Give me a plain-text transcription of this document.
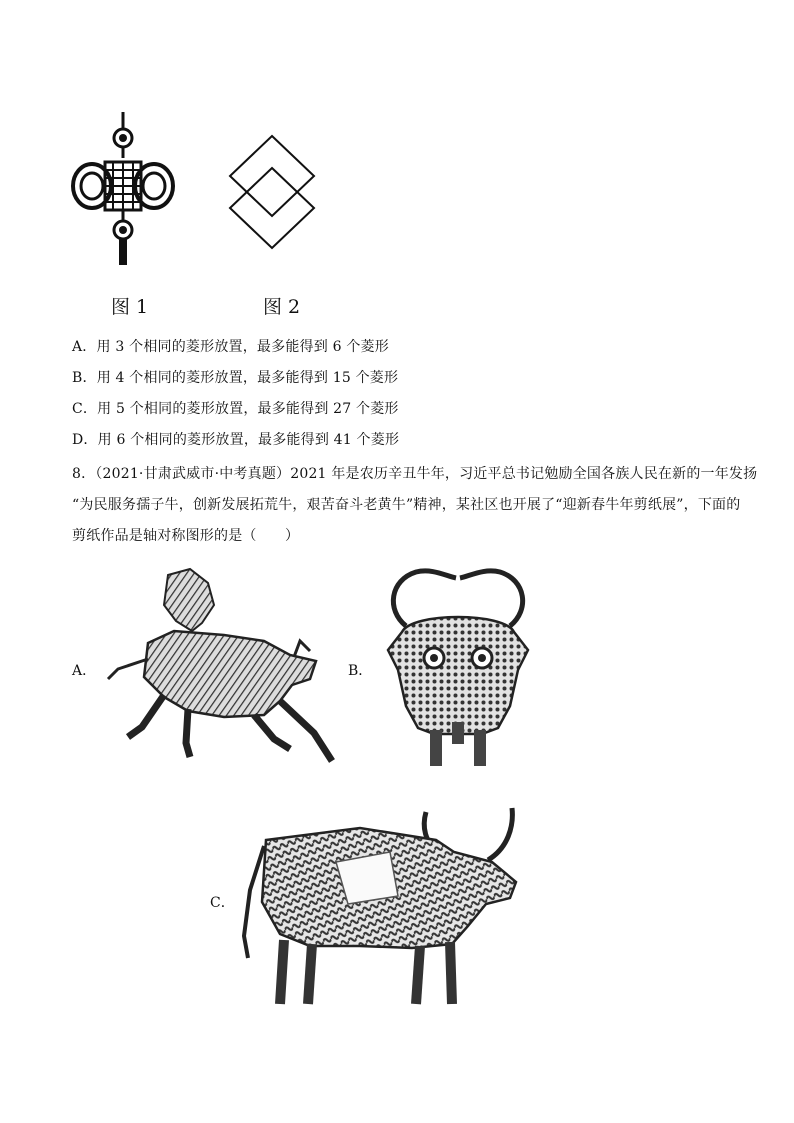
图 1	图 2
A．用 3 个相同的菱形放置，最多能得到 6 个菱形
B．用 4 个相同的菱形放置，最多能得到 15 个菱形
C．用 5 个相同的菱形放置，最多能得到 27 个菱形
D．用 6 个相同的菱形放置，最多能得到 41 个菱形
8．（2021·甘肃武威市·中考真题）2021 年是农历辛丑牛年，习近平总书记勉励全国各族人民在新的一年发扬
“为民服务孺子牛，创新发展拓荒牛，艰苦奋斗老黄牛”精神，某社区也开展了“迎新春牛年剪纸展”，下面的
剪纸作品是轴对称图形的是（　　）
A．	B．
C．
